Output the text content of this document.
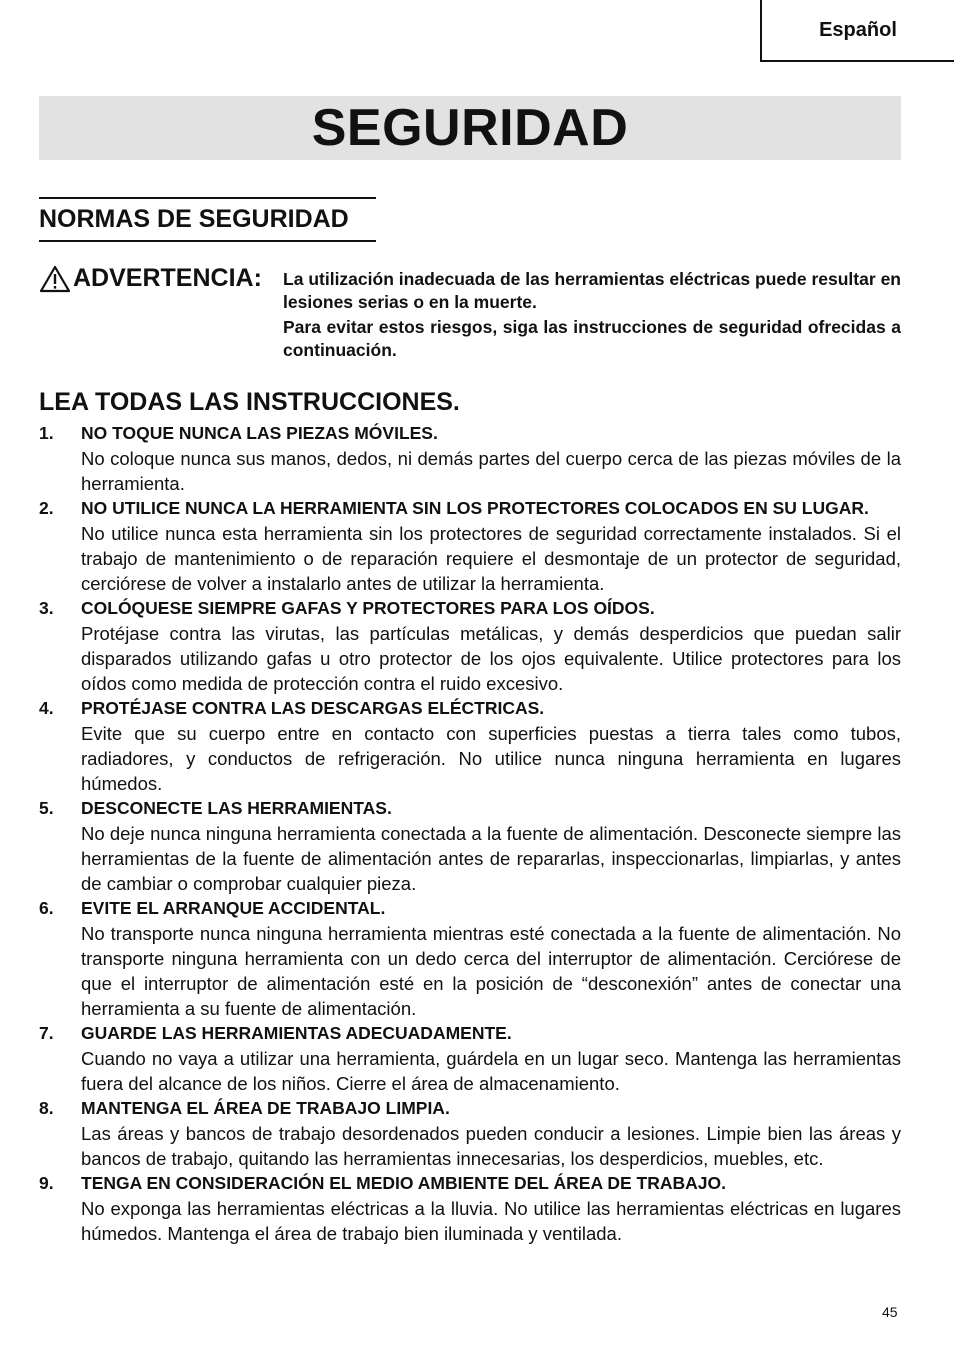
Español
SEGURIDAD
NORMAS DE SEGURIDAD
ADVERTENCIA: La utilización inadecuada de las herramientas eléctricas puede resultar en lesiones serias o en la muerte.

Para evitar estos riesgos, siga las instrucciones de seguridad ofrecidas a continuación.

LEA TODAS LAS INSTRUCCIONES.
1. NO TOQUE NUNCA LAS PIEZAS MÓVILES.
No coloque nunca sus manos, dedos, ni demás partes del cuerpo cerca de las piezas móviles de la herramienta.
2. NO UTILICE NUNCA LA HERRAMIENTA SIN LOS PROTECTORES COLOCADOS EN SU LUGAR.
No utilice nunca esta herramienta sin los protectores de seguridad correctamente instalados. Si el trabajo de mantenimiento o de reparación requiere el desmontaje de un protector de seguridad, cerciórese de volver a instalarlo antes de utilizar la herramienta.
3. COLÓQUESE SIEMPRE GAFAS Y PROTECTORES PARA LOS OÍDOS.
Protéjase contra las virutas, las partículas metálicas, y demás desperdicios que puedan salir disparados utilizando gafas u otro protector de los ojos equivalente. Utilice protectores para los oídos como medida de protección contra el ruido excesivo.
4. PROTÉJASE CONTRA LAS DESCARGAS ELÉCTRICAS.
Evite que su cuerpo entre en contacto con superficies puestas a tierra tales como tubos, radiadores, y conductos de refrigeración. No utilice nunca ninguna herramienta en lugares húmedos.
5. DESCONECTE LAS HERRAMIENTAS.
No deje nunca ninguna herramienta conectada a la fuente de alimentación. Desconecte siempre las herramientas de la fuente de alimentación antes de repararlas, inspeccionarlas, limpiarlas, y antes de cambiar o comprobar cualquier pieza.
6. EVITE EL ARRANQUE ACCIDENTAL.
No transporte nunca ninguna herramienta mientras esté conectada a la fuente de alimentación. No transporte ninguna herramienta con un dedo cerca del interruptor de alimentación. Cerciórese de que el interruptor de alimentación esté en la posición de “desconexión” antes de conectar una herramienta a su fuente de alimentación.
7. GUARDE LAS HERRAMIENTAS ADECUADAMENTE.
Cuando no vaya a utilizar una herramienta, guárdela en un lugar seco. Mantenga las herramientas fuera del alcance de los niños. Cierre el área de almacenamiento.
8. MANTENGA EL ÁREA DE TRABAJO LIMPIA.
Las áreas y bancos de trabajo desordenados pueden conducir a lesiones. Limpie bien las áreas y bancos de trabajo, quitando las herramientas innecesarias, los desperdicios, muebles, etc.
9. TENGA EN CONSIDERACIÓN EL MEDIO AMBIENTE DEL ÁREA DE TRABAJO.
No exponga las herramientas eléctricas a la lluvia. No utilice las herramientas eléctricas en lugares húmedos. Mantenga el área de trabajo bien iluminada y ventilada.
45
